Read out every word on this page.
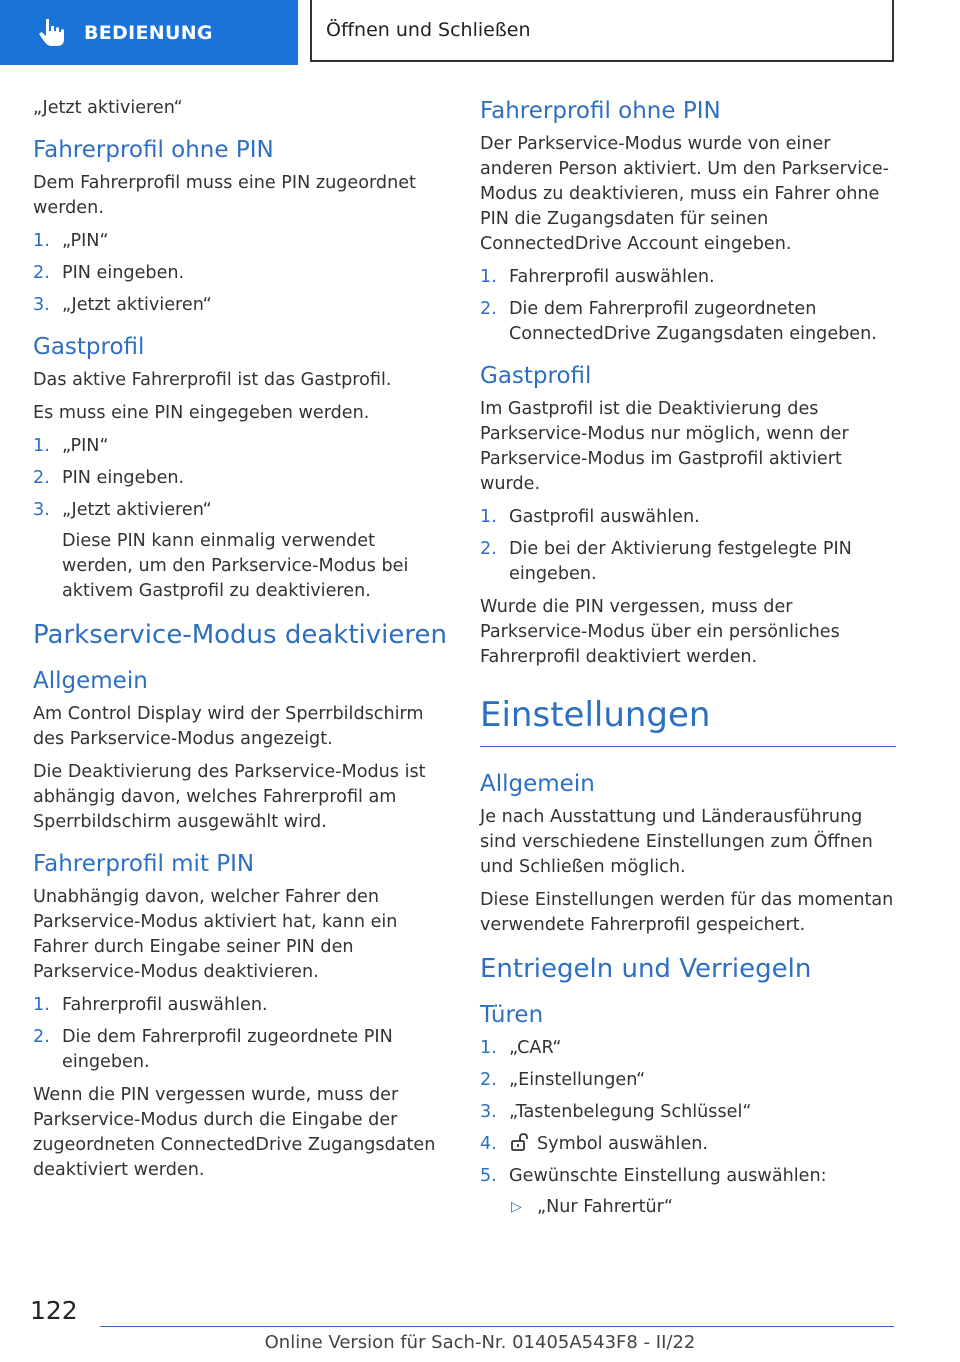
BEDIENUNG	Öffnen und Schließen

„Jetzt aktivieren“

Fahrerprofil ohne PIN

Dem Fahrerprofil muss eine PIN zugeordnet werden.

1. „PIN“
2. PIN eingeben.
3. „Jetzt aktivieren“
Gastprofil

Das aktive Fahrerprofil ist das Gastprofil.

Es muss eine PIN eingegeben werden.

1. „PIN“
2. PIN eingeben.
3. „Jetzt aktivieren“

Diese PIN kann einmalig verwendet werden, um den Parkservice-Modus bei aktivem Gastprofil zu deaktivieren.

Parkservice-Modus deaktivieren
Allgemein

Am Control Display wird der Sperrbildschirm des Parkservice-Modus angezeigt.

Die Deaktivierung des Parkservice-Modus ist abhängig davon, welches Fahrerprofil am Sperrbildschirm ausgewählt wird.

Fahrerprofil mit PIN

Unabhängig davon, welcher Fahrer den Parkservice-Modus aktiviert hat, kann ein Fahrer durch Eingabe seiner PIN den Parkservice-Modus deaktivieren.

1. Fahrerprofil auswählen.
2. Die dem Fahrerprofil zugeordnete PIN eingeben.

Wenn die PIN vergessen wurde, muss der Parkservice-Modus durch die Eingabe der zugeordneten ConnectedDrive Zugangsdaten deaktiviert werden.

Fahrerprofil ohne PIN

Der Parkservice-Modus wurde von einer anderen Person aktiviert. Um den Parkservice-Modus zu deaktivieren, muss ein Fahrer ohne PIN die Zugangsdaten für seinen ConnectedDrive Account eingeben.

1. Fahrerprofil auswählen.
2. Die dem Fahrerprofil zugeordneten ConnectedDrive Zugangsdaten eingeben.
Gastprofil

Im Gastprofil ist die Deaktivierung des Parkservice-Modus nur möglich, wenn der Parkservice-Modus im Gastprofil aktiviert wurde.

1. Gastprofil auswählen.
2. Die bei der Aktivierung festgelegte PIN eingeben.

Wurde die PIN vergessen, muss der Parkservice-Modus über ein persönliches Fahrerprofil deaktiviert werden.

Einstellungen
Allgemein

Je nach Ausstattung und Länderausführung sind verschiedene Einstellungen zum Öffnen und Schließen möglich.

Diese Einstellungen werden für das momentan verwendete Fahrerprofil gespeichert.

Entriegeln und Verriegeln
Türen
1. „CAR“
2. „Einstellungen“
3. „Tastenbelegung Schlüssel“
4. Symbol auswählen.
5. Gewünschte Einstellung auswählen:
▷ „Nur Fahrertür“
122
Online Version für Sach-Nr. 01405A543F8 - II/22
